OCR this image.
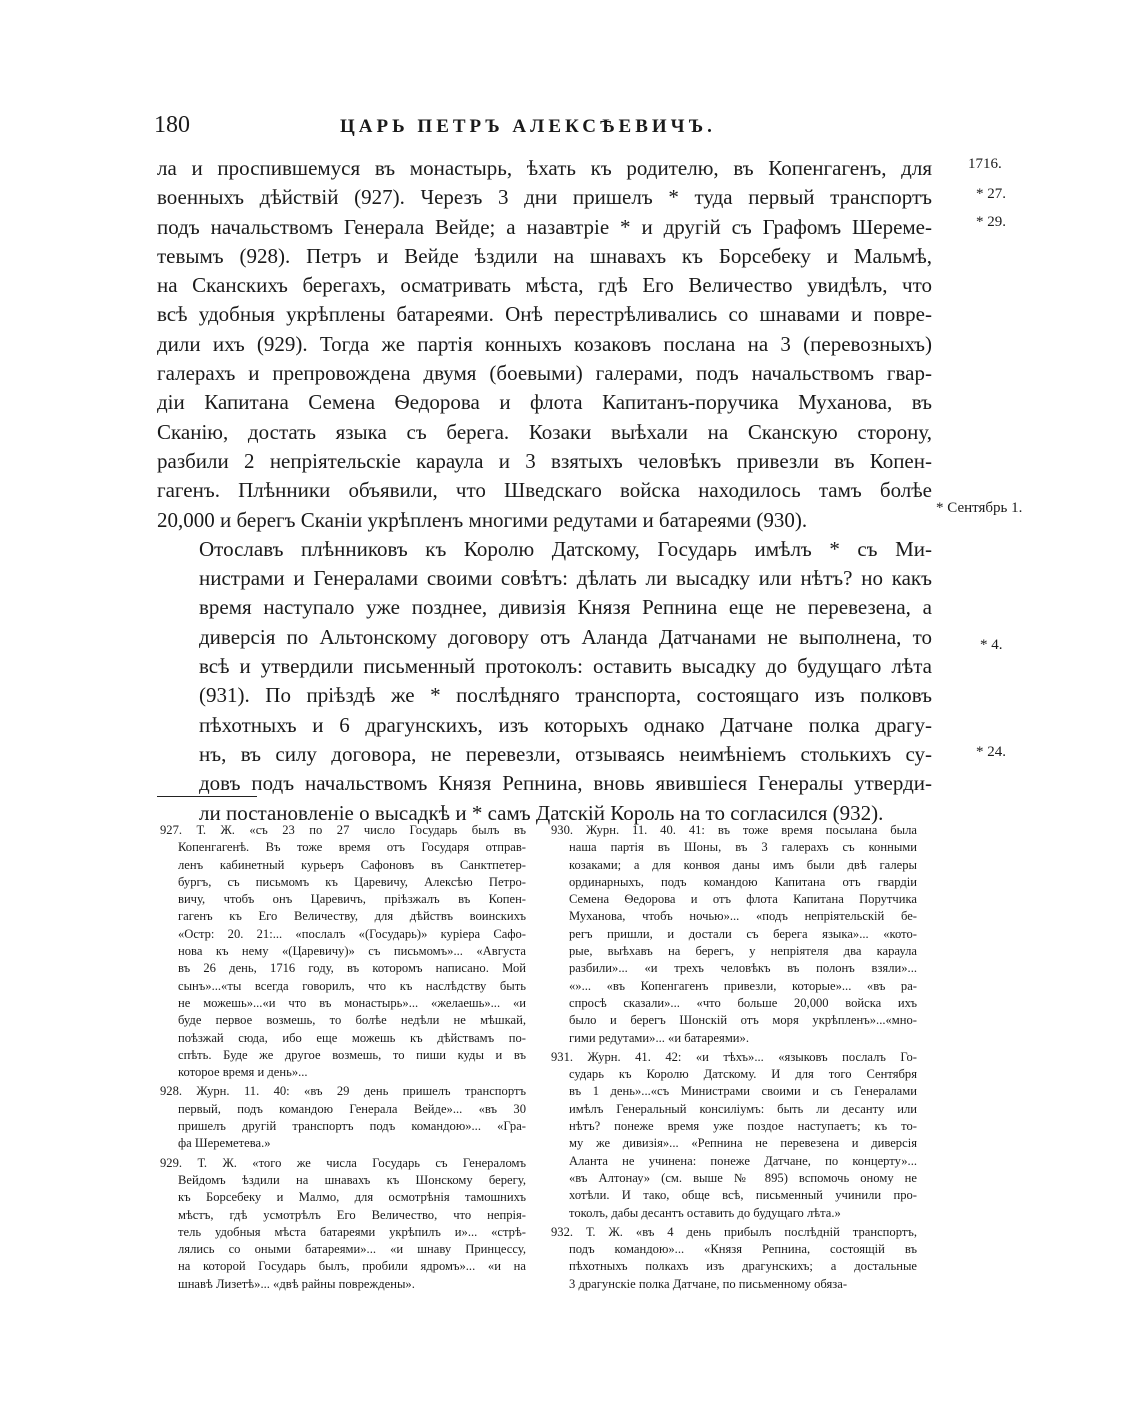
180	ЦАРЬ ПЕТРЪ АЛЕКСѢЕВИЧЪ.

ла и проспившемуся въ монастырь, ѣхать къ родителю, въ Копенгагенъ, для
военныхъ дѣйствій (927). Черезъ 3 дни пришелъ * туда первый транспортъ
подъ начальствомъ Генерала Вейде; а назавтріе * и другій съ Графомъ Шереме-
тевымъ (928). Петръ и Вейде ѣздили на шнавахъ къ Борсебеку и Мальмѣ,
на Сканскихъ берегахъ, осматривать мѣста, гдѣ Его Величество увидѣлъ, что
всѣ удобныя укрѣплены батареями. Онѣ перестрѣливались со шнавами и повре-
дили ихъ (929). Тогда же партія конныхъ козаковъ послана на 3 (перевозныхъ)
галерахъ и препровождена двумя (боевыми) галерами, подъ начальствомъ гвар-
діи Капитана Семена Ѳедорова и флота Капитанъ-поручика Муханова, въ
Сканію, достать языка съ берега. Козаки выѣхали на Сканскую сторону,
разбили 2 непріятельскіе караула и 3 взятыхъ человѣкъ привезли въ Копен-
гагенъ. Плѣнники объявили, что Шведскаго войска находилось тамъ болѣе
20,000 и берегъ Сканіи укрѣпленъ многими редутами и батареями (930).

Отославъ плѣнниковъ къ Королю Датскому, Государь имѣлъ * съ Ми-
нистрами и Генералами своими совѣтъ: дѣлать ли высадку или нѣтъ? но какъ
время наступало уже позднее, дивизія Князя Репнина еще не перевезена, а
диверсія по Альтонскому договору отъ Аланда Датчанами не выполнена, то
всѣ и утвердили письменный протоколъ: оставить высадку до будущаго лѣта
(931). По пріѣздѣ же * послѣдняго транспорта, состоящаго изъ полковъ
пѣхотныхъ и 6 драгунскихъ, изъ которыхъ однако Датчане полка драгу-
нъ, въ силу договора, не перевезли, отзываясь неимѣніемъ столькихъ су-
довъ подъ начальствомъ Князя Репнина, вновь явившіеся Генералы утверди-
ли постановленіе о высадкѣ и * самъ Датскій Король на то согласился (932).

1716.
* 27.
* 29.
* Сентябрь 1.
* 4.
* 24.
927. Т. Ж. «съ 23 по 27 число Государь былъ въ
Копенгагенѣ. Въ тоже время отъ Государя отправ-
ленъ кабинетный курьеръ Сафоновъ въ Санктпетер-
бургъ, съ письмомъ къ Царевичу, Алексѣю Петро-
вичу, чтобъ онъ Царевичъ, пріѣзжалъ въ Копен-
гагенъ къ Его Величеству, для дѣйствъ воинскихъ
«Остр: 20. 21:... «послалъ «(Государь)» куріера Сафо-
нова къ нему «(Царевичу)» съ письмомъ»... «Августа
въ 26 день, 1716 году, въ которомъ написано. Мой
сынъ»...«ты всегда говорилъ, что къ наслѣдству быть
не можешь»...«и что въ монастырь»... «желаешь»... «и
буде первое возмешь, то болѣе недѣли не мѣшкай,
поѣзжай сюда, ибо еще можешь къ дѣйствамъ по-
спѣть. Буде же другое возмешь, то пиши куды и въ
которое время и день»...
928. Журн. 11. 40: «въ 29 день пришелъ транспортъ
первый, подъ командою Генерала Вейде»... «въ 30
пришелъ другій транспортъ подъ командою»... «Гра-
фа Шереметева.»
929. Т. Ж. «того же числа Государь съ Генераломъ
Вейдомъ ѣздили на шнавахъ къ Шонскому берегу,
къ Борсебеку и Малмо, для осмотрѣнія тамошнихъ
мѣстъ, гдѣ усмотрѣлъ Его Величество, что непрія-
тель удобныя мѣста батареями укрѣпилъ и»... «стрѣ-
лялись со оными батареями»... «и шнаву Принцессу,
на которой Государь былъ, пробили ядромъ»... «и на
шнавѣ Лизетѣ»... «двѣ райны повреждены».
930. Журн. 11. 40. 41: въ тоже время посылана была
наша партія въ Шоны, въ 3 галерахъ съ конными
козаками; а для конвоя даны имъ были двѣ галеры
ординарныхъ, подъ командою Капитана отъ гвардіи
Семена Ѳедорова и отъ флота Капитана Порутчика
Муханова, чтобъ ночью»... «подъ непріятельскій бе-
регъ пришли, и достали съ берега языка»... «кото-
рые, выѣхавъ на берегъ, у непріятеля два караула
разбили»... «и трехъ человѣкъ въ полонъ взяли»...
«»... «въ Копенгагенъ привезли, которые»... «въ ра-
спросѣ сказали»... «что больше 20,000 войска ихъ
было и берегъ Шонскій отъ моря укрѣпленъ»...«мно-
гими редутами»... «и батареями».
931. Журн. 41. 42: «и тѣхъ»... «языковъ послалъ Го-
сударь къ Королю Датскому. И для того Сентября
въ 1 день»...«съ Министрами своими и съ Генералами
имѣлъ Генеральный консиліумъ: быть ли десанту или
нѣтъ? понеже время уже поздое наступаетъ; къ то-
му же дивизія»... «Репнина не перевезена и диверсія
Аланта не учинена: понеже Датчане, по концерту»...
«въ Алтонау» (см. выше № 895) вспомочь оному не
хотѣли. И тако, обще всѣ, письменный учинили про-
токолъ, дабы десантъ оставить до будущаго лѣта.»
932. Т. Ж. «въ 4 день прибылъ послѣдній транспортъ,
подъ командою»... «Князя Репнина, состоящій въ
пѣхотныхъ полкахъ изъ драгунскихъ; а достальные
3 драгунскіе полка Датчане, по письменному обяза-
